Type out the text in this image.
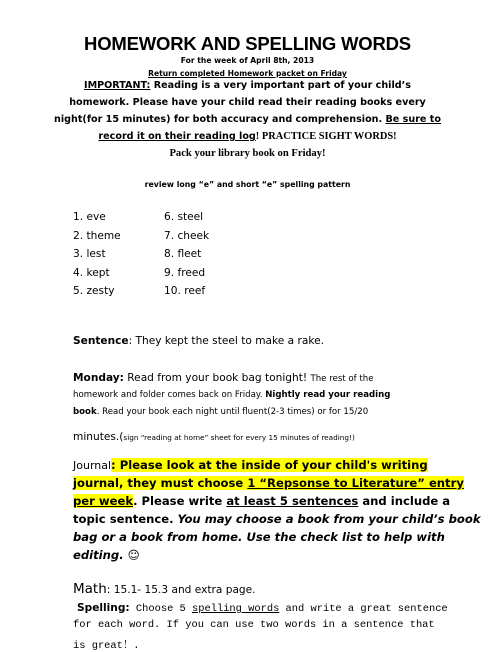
HOMEWORK AND SPELLING WORDS
For the week of April 8th, 2013
Return completed Homework packet on Friday
IMPORTANT: Reading is a very important part of your child’s
homework. Please have your child read their reading books every
night(for 15 minutes) for both accuracy and comprehension. Be sure to
record it on their reading log! PRACTICE SIGHT WORDS!
Pack your library book on Friday!
review long “e” and short “e” spelling pattern
1. eve
2. theme
3. lest
4. kept
5. zesty
6. steel
7. cheek
8. fleet
9. freed
10. reef
Sentence: They kept the steel to make a rake.
Monday: Read from your book bag tonight! The rest of the
homework and folder comes back on Friday. Nightly read your reading
book. Read your book each night until fluent(2-3 times) or for 15/20
minutes.(sign “reading at home” sheet for every 15 minutes of reading!)
Journal: Please look at the inside of your child's writing
journal, they must choose 1 “Repsonse to Literature” entry
per week. Please write at least 5 sentences and include a
topic sentence. You may choose a book from your child’s book
bag or a book from home. Use the check list to help with
editing. ☺
Math: 15.1- 15.3 and extra page.
Spelling: Choose 5 spelling words and write a great sentence
for each word. If you can use two words in a sentence that
is great！.
